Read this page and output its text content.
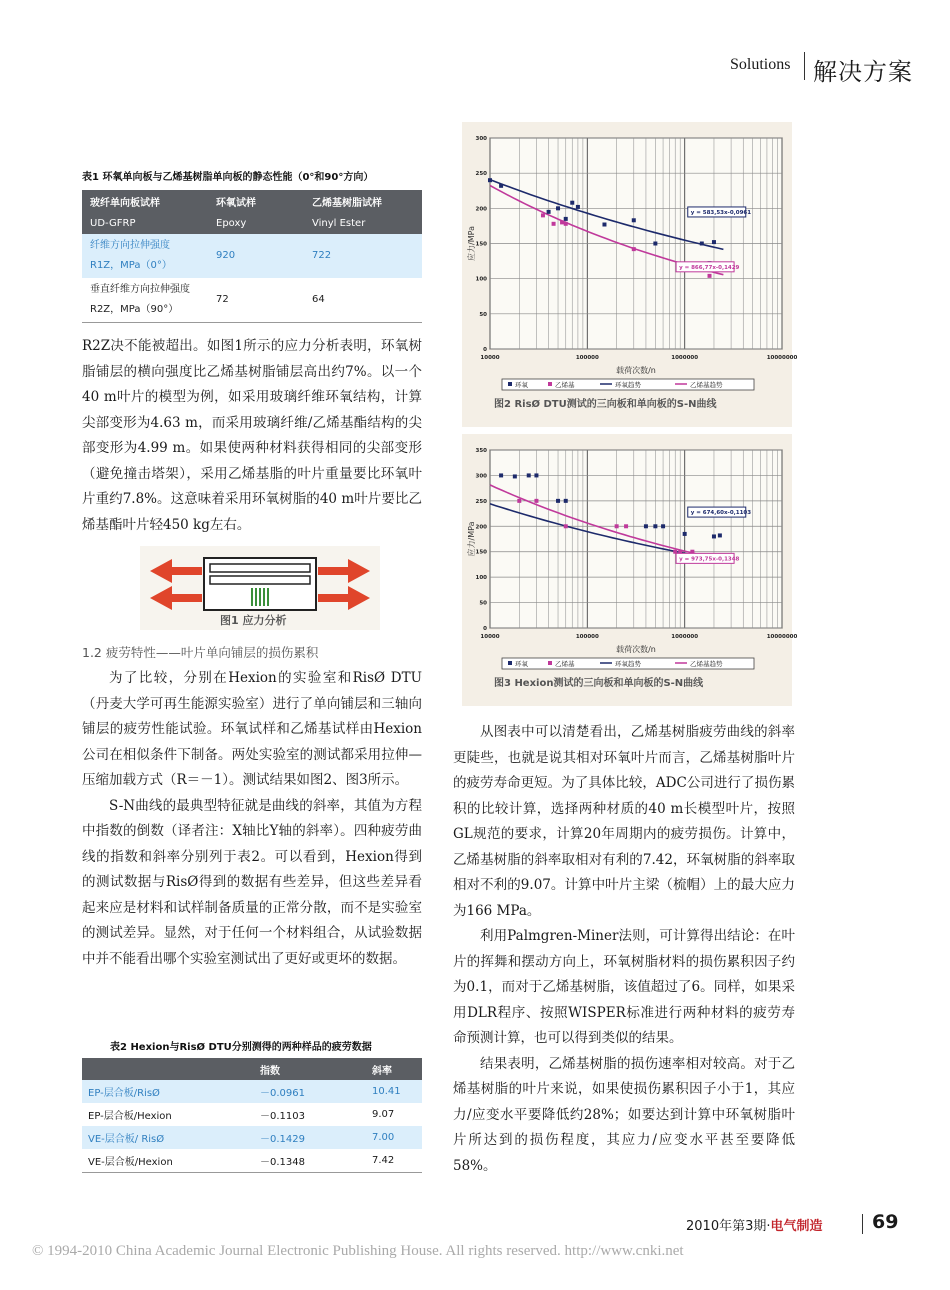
Solutions 解决方案
表1 环氧单向板与乙烯基树脂单向板的静态性能（0°和90°方向）
玻纤单向板试样	环氧试样	乙烯基树脂试样
UD-GFRP	Epoxy	Vinyl Ester

纤维方向拉伸强度
R1Z，MPa（0°）	920	722

垂直纤维方向拉伸强度
R2Z，MPa（90°）	72	64

R2Z决不能被超出。如图1所示的应力分析表明，环氧树脂铺层的横向强度比乙烯基树脂铺层高出约7%。以一个40 m叶片的模型为例，如采用玻璃纤维环氧结构，计算尖部变形为4.63 m，而采用玻璃纤维/乙烯基酯结构的尖部变形为4.99 m。如果使两种材料获得相同的尖部变形（避免撞击塔架），采用乙烯基脂的叶片重量要比环氧叶片重约7.8%。这意味着采用环氧树脂的40 m叶片要比乙烯基酯叶片轻450 kg左右。

图1 应力分析
1.2 疲劳特性——叶片单向铺层的损伤累积

为了比较，分别在Hexion的实验室和RisØ DTU（丹麦大学可再生能源实验室）进行了单向铺层和三轴向铺层的疲劳性能试验。环氧试样和乙烯基试样由Hexion公司在相似条件下制备。两处实验室的测试都采用拉伸—压缩加载方式（R＝－1）。测试结果如图2、图3所示。

S-N曲线的最典型特征就是曲线的斜率，其值为方程中指数的倒数（译者注：X轴比Y轴的斜率）。四种疲劳曲线的指数和斜率分别列于表2。可以看到，Hexion得到的测试数据与RisØ得到的数据有些差异，但这些差异看起来应是材料和试样制备质量的正常分散，而不是实验室的测试差异。显然，对于任何一个材料组合，从试验数据中并不能看出哪个实验室测试出了更好或更坏的数据。

表2 Hexion与RisØ DTU分别测得的两种样品的疲劳数据
	指数	斜率
EP-层合板/RisØ	－0.0961	10.41
EP-层合板/Hexion	－0.1103	9.07
VE-层合板/ RisØ	－0.1429	7.00
VE-层合板/Hexion	－0.1348	7.42
10000	100000	1000000	10000000
0
50
100
150
200
250
300
应力/MPa
载荷次数/n
y = 583,53x-0,0961
y = 866,77x-0,1429
环氧	乙烯基	环氧趋势	乙烯基趋势
图2 RisØ DTU测试的三向板和单向板的S-N曲线
10000	100000	1000000	10000000
0
50
100
150
200
250
300
350
应力/MPa
载荷次数/n
y = 674,60x-0,1103
y = 973,75x-0,1348
环氧	乙烯基	环氧趋势	乙烯基趋势
图3 Hexion测试的三向板和单向板的S-N曲线

从图表中可以清楚看出，乙烯基树脂疲劳曲线的斜率更陡些，也就是说其相对环氧叶片而言，乙烯基树脂叶片的疲劳寿命更短。为了具体比较，ADC公司进行了损伤累积的比较计算，选择两种材质的40 m长模型叶片，按照GL规范的要求，计算20年周期内的疲劳损伤。计算中，乙烯基树脂的斜率取相对有利的7.42，环氧树脂的斜率取相对不利的9.07。计算中叶片主梁（梳帽）上的最大应力为166 MPa。

利用Palmgren-Miner法则，可计算得出结论：在叶片的挥舞和摆动方向上，环氧树脂材料的损伤累积因子约为0.1，而对于乙烯基树脂，该值超过了6。同样，如果采用DLR程序、按照WISPER标准进行两种材料的疲劳寿命预测计算，也可以得到类似的结果。

结果表明，乙烯基树脂的损伤速率相对较高。对于乙烯基树脂的叶片来说，如果使损伤累积因子小于1，其应力/应变水平要降低约28%；如要达到计算中环氧树脂叶片所达到的损伤程度，其应力/应变水平甚至要降低58%。

2010年第3期·电气制造	69
© 1994-2010 China Academic Journal Electronic Publishing House. All rights reserved. http://www.cnki.net
